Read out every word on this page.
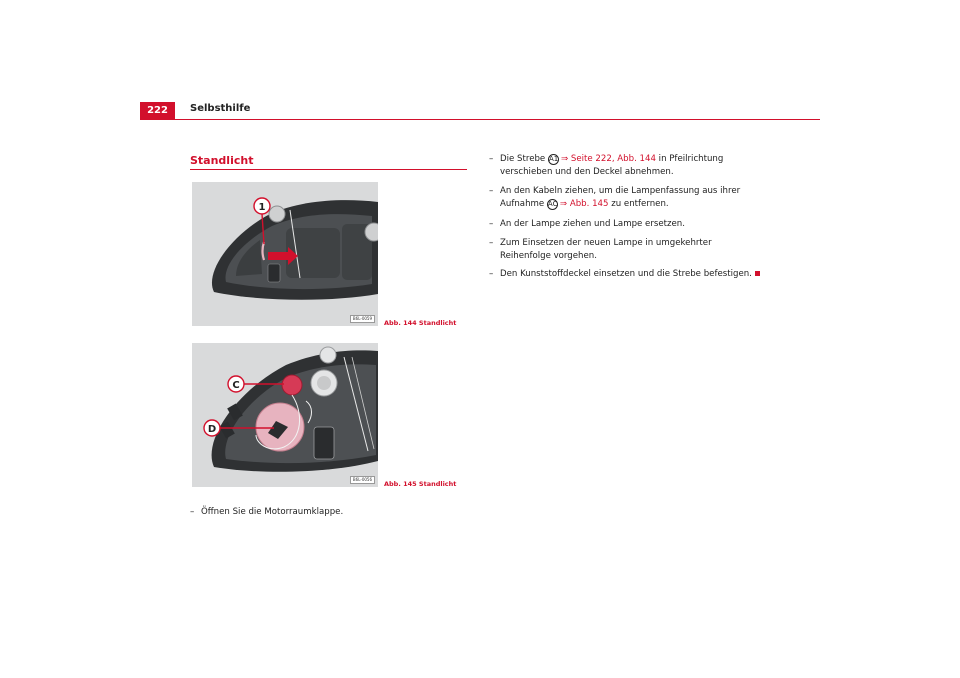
222	Selbsthilfe
Standlicht
1
B6L-0059
Abb. 144 Standlicht
C
D
B6L-0056
Abb. 145 Standlicht
– Öffnen Sie die Motorraumklappe.
– Die Strebe A1 ⇒ Seite 222, Abb. 144 in Pfeilrichtung verschieben und den Deckel abnehmen.
– An den Kabeln ziehen, um die Lampenfassung aus ihrer Aufnahme AC ⇒ Abb. 145 zu entfernen.
– An der Lampe ziehen und Lampe ersetzen.
– Zum Einsetzen der neuen Lampe in umgekehrter Reihenfolge vorgehen.
– Den Kunststoffdeckel einsetzen und die Strebe befestigen.
